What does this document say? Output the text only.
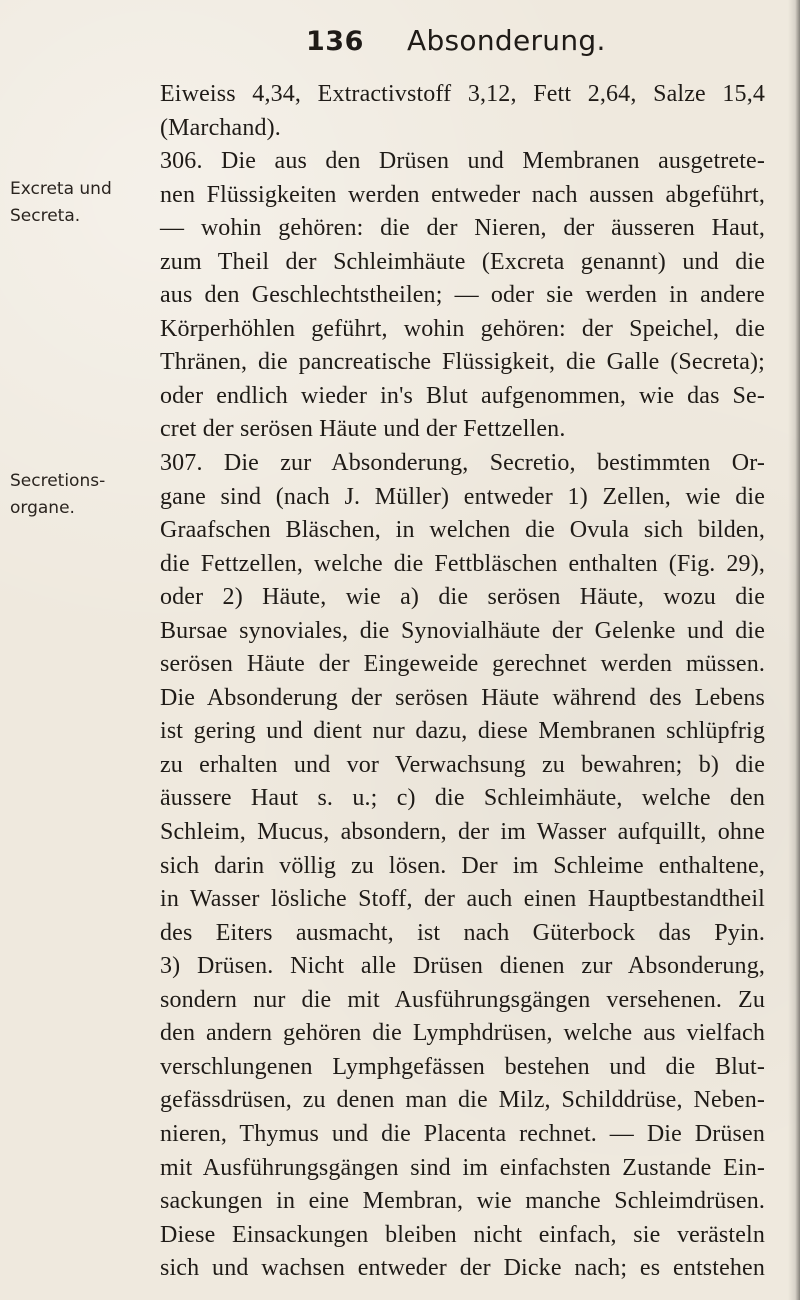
136 Absonderung.
Excreta und Secreta.
Secretions-organe.
Eiweiss 4,34, Extractivstoff 3,12, Fett 2,64, Salze 15,4
(Marchand).
306. Die aus den Drüsen und Membranen ausgetrete-
nen Flüssigkeiten werden entweder nach aussen abgeführt,
— wohin gehören: die der Nieren, der äusseren Haut,
zum Theil der Schleimhäute (Excreta genannt) und die
aus den Geschlechtstheilen; — oder sie werden in andere
Körperhöhlen geführt, wohin gehören: der Speichel, die
Thränen, die pancreatische Flüssigkeit, die Galle (Secreta);
oder endlich wieder in's Blut aufgenommen, wie das Se-
cret der serösen Häute und der Fettzellen.
307. Die zur Absonderung, Secretio, bestimmten Or-
gane sind (nach J. Müller) entweder 1) Zellen, wie die
Graafschen Bläschen, in welchen die Ovula sich bilden,
die Fettzellen, welche die Fettbläschen enthalten (Fig. 29),
oder 2) Häute, wie a) die serösen Häute, wozu die
Bursae synoviales, die Synovialhäute der Gelenke und die
serösen Häute der Eingeweide gerechnet werden müssen.
Die Absonderung der serösen Häute während des Lebens
ist gering und dient nur dazu, diese Membranen schlüpfrig
zu erhalten und vor Verwachsung zu bewahren; b) die
äussere Haut s. u.; c) die Schleimhäute, welche den
Schleim, Mucus, absondern, der im Wasser aufquillt, ohne
sich darin völlig zu lösen. Der im Schleime enthaltene,
in Wasser lösliche Stoff, der auch einen Hauptbestandtheil
des Eiters ausmacht, ist nach Güterbock das Pyin.
3) Drüsen. Nicht alle Drüsen dienen zur Absonderung,
sondern nur die mit Ausführungsgängen versehenen. Zu
den andern gehören die Lymphdrüsen, welche aus vielfach
verschlungenen Lymphgefässen bestehen und die Blut-
gefässdrüsen, zu denen man die Milz, Schilddrüse, Neben-
nieren, Thymus und die Placenta rechnet. — Die Drüsen
mit Ausführungsgängen sind im einfachsten Zustande Ein-
sackungen in eine Membran, wie manche Schleimdrüsen.
Diese Einsackungen bleiben nicht einfach, sie verästeln
sich und wachsen entweder der Dicke nach; es entstehen
